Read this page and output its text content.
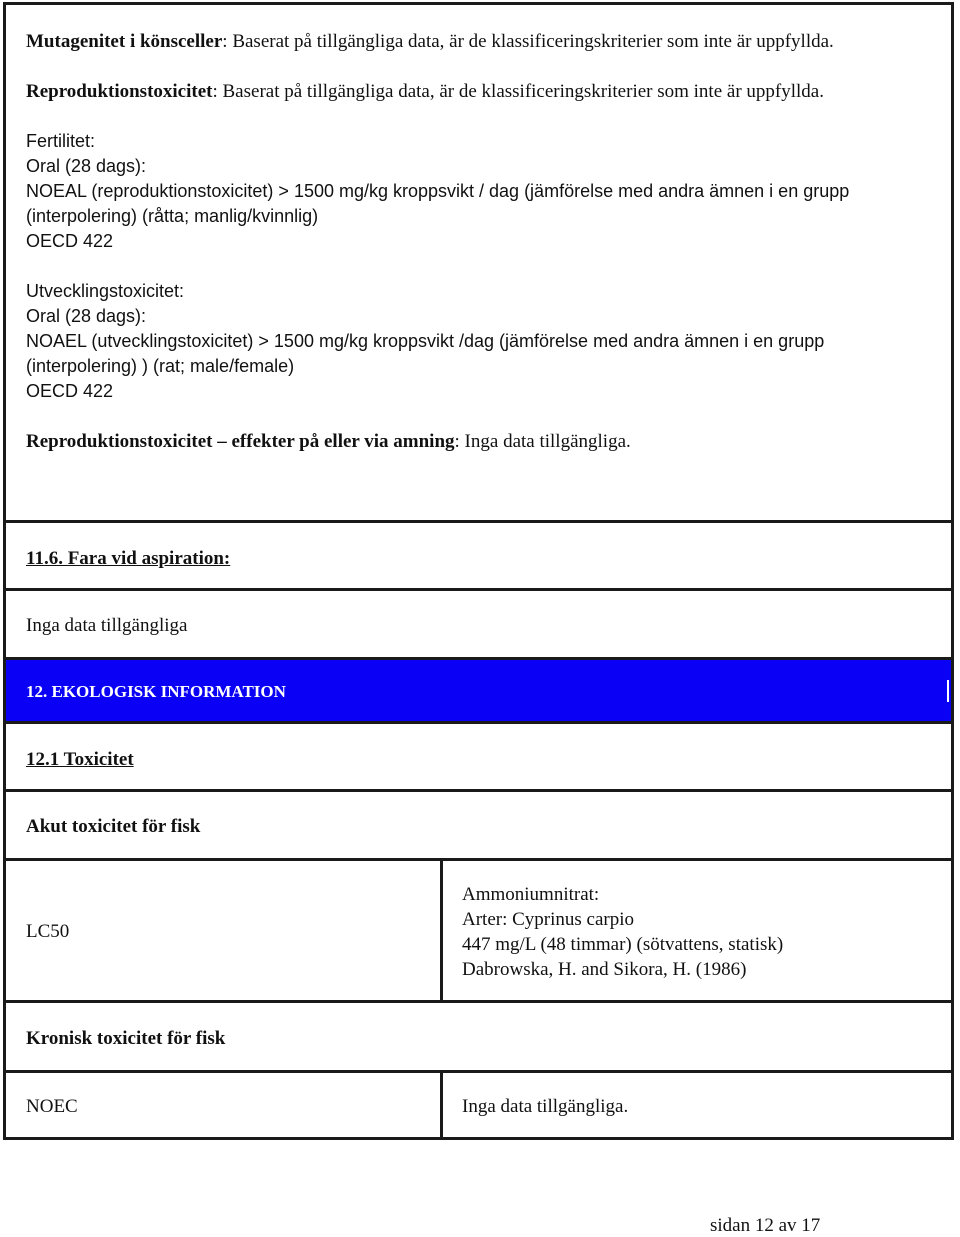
Mutagenitet i könsceller: Baserat på tillgängliga data, är de klassificeringskriterier som inte är uppfyllda.

Reproduktionstoxicitet: Baserat på tillgängliga data, är de klassificeringskriterier som inte är uppfyllda.

Fertilitet:

Oral (28 dags):

NOEAL (reproduktionstoxicitet) > 1500 mg/kg kroppsvikt / dag (jämförelse med andra ämnen i en grupp (interpolering) (råtta; manlig/kvinnlig)

OECD 422

Utvecklingstoxicitet:

Oral (28 dags):

NOAEL (utvecklingstoxicitet) > 1500 mg/kg kroppsvikt /dag (jämförelse med andra ämnen i en grupp (interpolering) ) (rat; male/female)

OECD 422

Reproduktionstoxicitet – effekter på eller via amning: Inga data tillgängliga.

11.6. Fara vid aspiration:

Inga data tillgängliga

12. EKOLOGISK INFORMATION

12.1 Toxicitet

Akut toxicitet för fisk

LC50

Ammoniumnitrat:

Arter: Cyprinus carpio

447 mg/L (48 timmar) (sötvattens, statisk)

Dabrowska, H. and Sikora, H. (1986)

Kronisk toxicitet för fisk

NOEC	Inga data tillgängliga.

sidan 12 av 17
